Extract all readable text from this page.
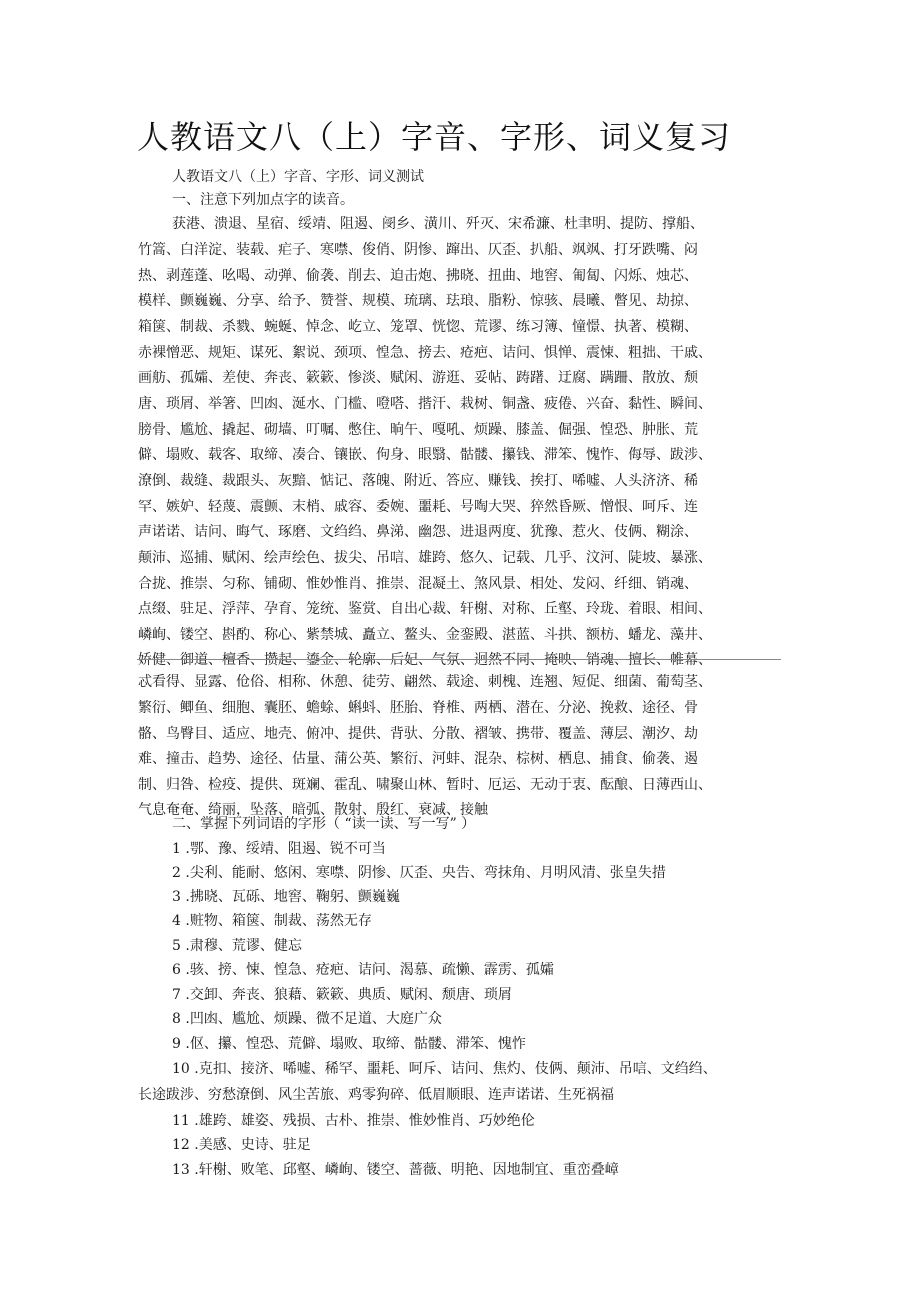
人教语文八（上）字音、字形、词义复习
人教语文八（上）字音、字形、词义测试
一、注意下列加点字的读音。
获港、溃退、星宿、绥靖、阻遏、阌乡、潢川、歼灭、宋希濂、杜聿明、提防、撑船、
竹篙、白洋淀、装载、疟子、寒噤、俊俏、阴惨、蹿出、仄歪、扒船、飒飒、打牙跌嘴、闷
热、剥莲蓬、吆喝、动弹、偷袭、削去、迫击炮、拂晓、扭曲、地窖、匍匐、闪烁、烛芯、
模样、颤巍巍、分享、给予、赞誉、规模、琉璃、珐琅、脂粉、惊骇、晨曦、瞥见、劫掠、
箱箧、制裁、杀戮、蜿蜒、悼念、屹立、笼罩、恍惚、荒谬、练习簿、憧憬、执著、模糊、
赤裸憎恶、规矩、谋死、絮说、颈项、惶急、搒去、疮疤、诘问、惧惮、震悚、粗拙、干戚、
画舫、孤孀、差使、奔丧、簌簌、惨淡、赋闲、游逛、妥帖、踌躇、迂腐、蹒跚、散放、颓
唐、琐屑、举箸、凹凼、涎水、门槛、噔嗒、揩汗、栽树、铜盏、疲倦、兴奋、黏性、瞬间、
膀骨、尴尬、撬起、砌墙、叮嘱、憋住、晌午、嘎吼、烦躁、膝盖、倔强、惶恐、肿胀、荒
僻、塌败、载客、取缔、凑合、镶嵌、佝身、眼翳、骷髅、攥钱、滞笨、愧怍、侮辱、跋涉、
潦倒、裁缝、裁跟头、灰黯、惦记、落魄、附近、答应、赚钱、挨打、唏嘘、人头济济、稀
罕、嫉妒、轻蔑、震颤、末梢、戚容、委婉、噩耗、号啕大哭、猝然昏厥、憎恨、呵斥、连
声诺诺、诘问、晦气、琢磨、文绉绉、鼻涕、幽怨、进退两度、犹豫、惹火、伎俩、糊涂、
颠沛、巡捕、赋闲、绘声绘色、拔尖、吊唁、雄跨、悠久、记载、几乎、汶河、陡坡、暴涨、
合拢、推崇、匀称、铺砌、惟妙惟肖、推崇、混凝土、煞风景、相处、发闷、纤细、销魂、
点缀、驻足、浮萍、孕育、笼统、鉴赏、自出心裁、轩榭、对称、丘壑、玲珑、着眼、相间、
嶙峋、镂空、斟酌、称心、紫禁城、矗立、鳌头、金銮殿、湛蓝、斗拱、额枋、蟠龙、藻井、
娇健、御道、檀香、攒起、鎏金、轮廓、后妃、气氛、迥然不同、掩映、销魂、擅长、帷幕、
忒看得、显露、伧俗、相称、休憩、徒劳、翩然、载途、刺槐、连翘、短促、细菌、葡萄茎、
繁衍、鲫鱼、细胞、囊胚、蟾蜍、蝌蚪、胚胎、脊椎、两栖、潜在、分泌、挽救、途径、骨
骼、鸟臀目、适应、地壳、俯冲、提供、背驮、分散、褶皱、携带、覆盖、薄层、潮汐、劫
难、撞击、趋势、途径、估量、蒲公英、繁衍、河蚌、混杂、棕树、栖息、捕食、偷袭、遏
制、归咎、检疫、提供、斑斓、霍乱、啸聚山林、暂时、厄运、无动于衷、酝酿、日薄西山、
气息奄奄、绮丽，坠落、暗弧、散射、殷红、衰减、接触
二、掌握下列词语的字形（ “读一读、写一写” ）
1 .鄂、豫、绥靖、阻遏、锐不可当
2 .尖利、能耐、悠闲、寒噤、阴惨、仄歪、央告、弯抹角、月明风清、张皇失措
3 .拂晓、瓦砾、地窖、鞠躬、颤巍巍
4 .赃物、箱箧、制裁、荡然无存
5 .肃穆、荒谬、健忘
6 .骇、搒、悚、惶急、疮疤、诘问、渴慕、疏懒、霹雳、孤孀
7 .交卸、奔丧、狼藉、簌簌、典质、赋闲、颓唐、琐屑
8 .凹凼、尴尬、烦躁、微不足道、大庭广众
9 .伛、攥、惶恐、荒僻、塌败、取缔、骷髅、滞笨、愧怍
10 .克扣、接济、唏嘘、稀罕、噩耗、呵斥、诘问、焦灼、伎俩、颠沛、吊唁、文绉绉、
长途跋涉、穷愁潦倒、风尘苦旅、鸡零狗碎、低眉顺眼、连声诺诺、生死祸福
11 .雄跨、雄姿、残损、古朴、推崇、惟妙惟肖、巧妙绝伦
12 .美感、史诗、驻足
13 .轩榭、败笔、邱壑、嶙峋、镂空、蔷薇、明艳、因地制宜、重峦叠嶂
